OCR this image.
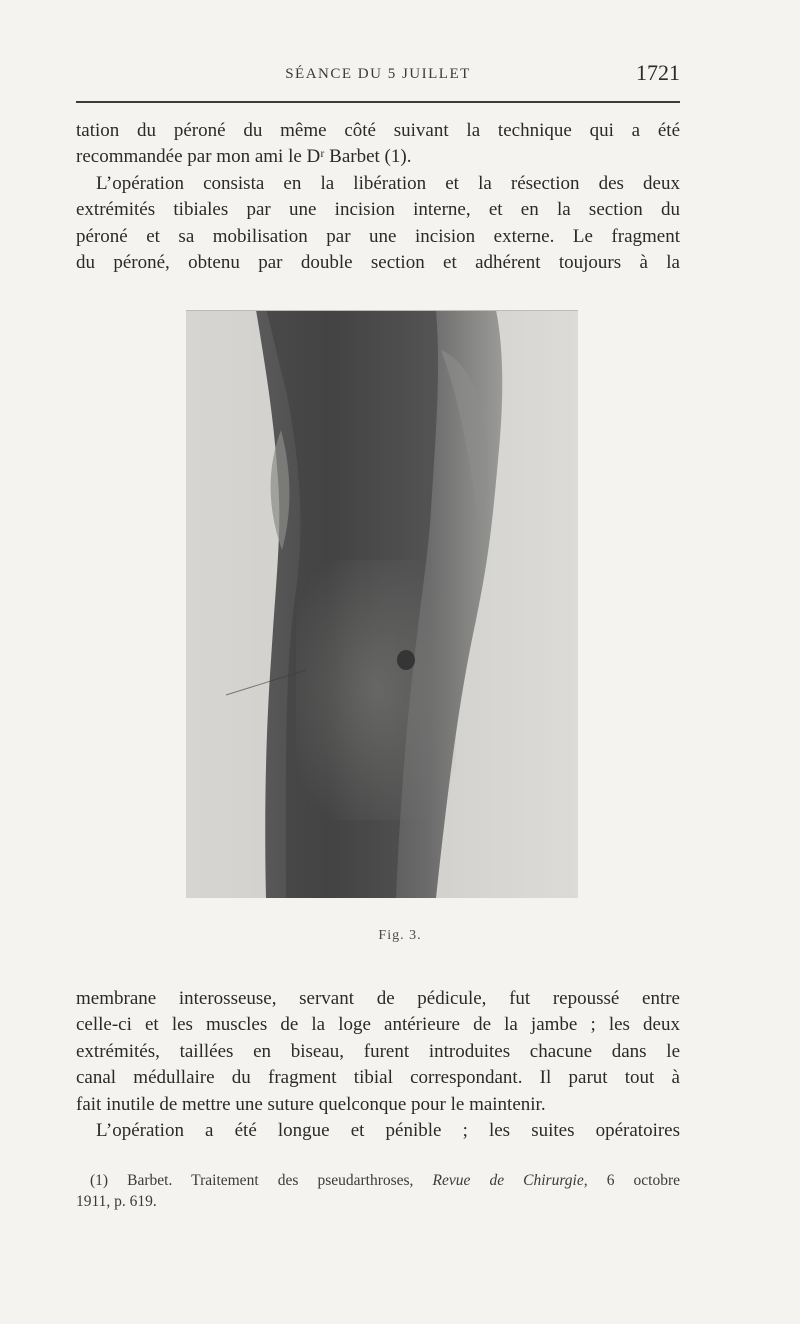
SÉANCE DU 5 JUILLET	1721
tation du péroné du même côté suivant la technique qui a été
recommandée par mon ami le Dʳ Barbet (1).
L’opération consista en la libération et la résection des deux
extrémités tibiales par une incision interne, et en la section du
péroné et sa mobilisation par une incision externe. Le fragment
du péroné, obtenu par double section et adhérent toujours à la
Fig. 3.
membrane interosseuse, servant de pédicule, fut repoussé entre
celle-ci et les muscles de la loge antérieure de la jambe ; les deux
extrémités, taillées en biseau, furent introduites chacune dans le
canal médullaire du fragment tibial correspondant. Il parut tout à
fait inutile de mettre une suture quelconque pour le maintenir.
L’opération a été longue et pénible ; les suites opératoires

(1) Barbet. Traitement des pseudarthroses, Revue de Chirurgie, 6 octobre
1911, p. 619.
